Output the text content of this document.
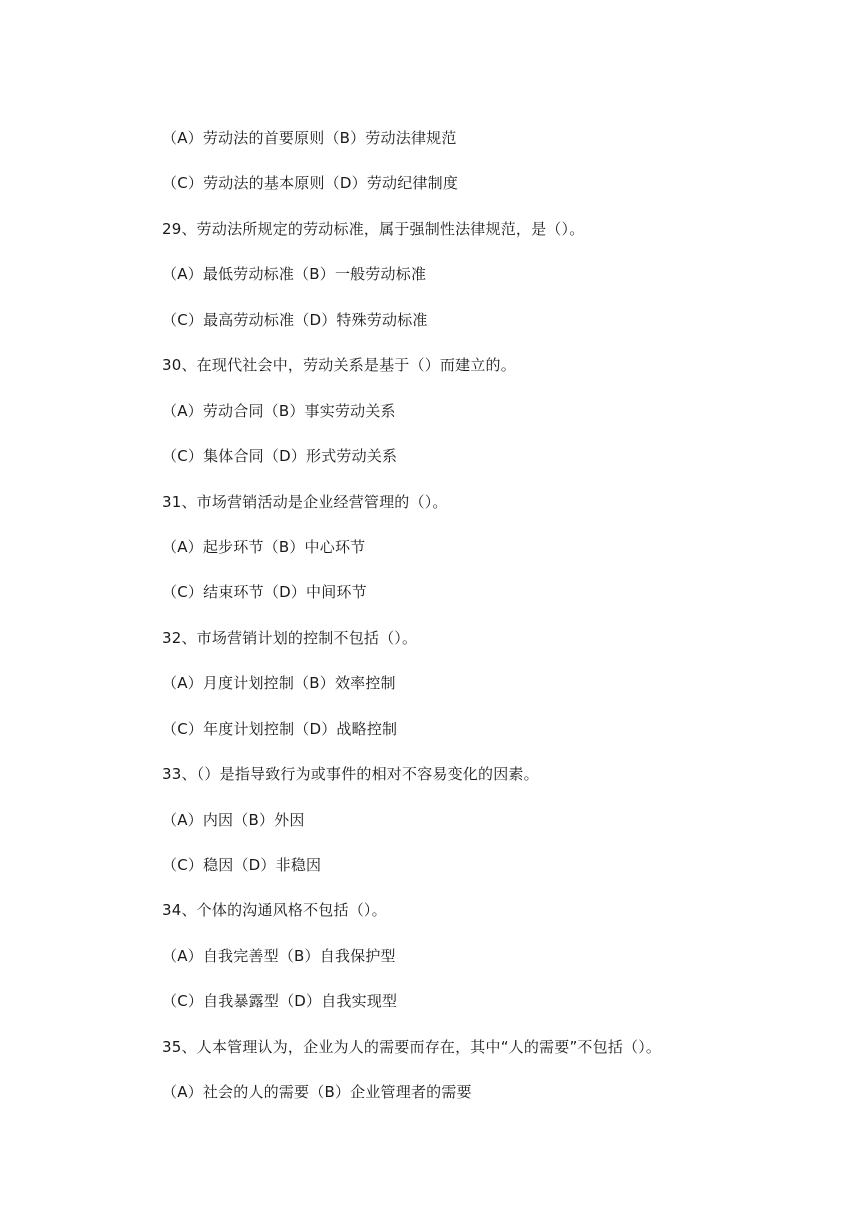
（A）劳动法的首要原则（B）劳动法律规范
（C）劳动法的基本原则（D）劳动纪律制度
29、劳动法所规定的劳动标准，属于强制性法律规范，是（）。
（A）最低劳动标准（B）一般劳动标准
（C）最高劳动标准（D）特殊劳动标准
30、在现代社会中，劳动关系是基于（）而建立的。
（A）劳动合同（B）事实劳动关系
（C）集体合同（D）形式劳动关系
31、市场营销活动是企业经营管理的（）。
（A）起步环节（B）中心环节
（C）结束环节（D）中间环节
32、市场营销计划的控制不包括（）。
（A）月度计划控制（B）效率控制
（C）年度计划控制（D）战略控制
33、（）是指导致行为或事件的相对不容易变化的因素。
（A）内因（B）外因
（C）稳因（D）非稳因
34、个体的沟通风格不包括（）。
（A）自我完善型（B）自我保护型
（C）自我暴露型（D）自我实现型
35、人本管理认为，企业为人的需要而存在，其中“人的需要”不包括（）。
（A）社会的人的需要（B）企业管理者的需要
